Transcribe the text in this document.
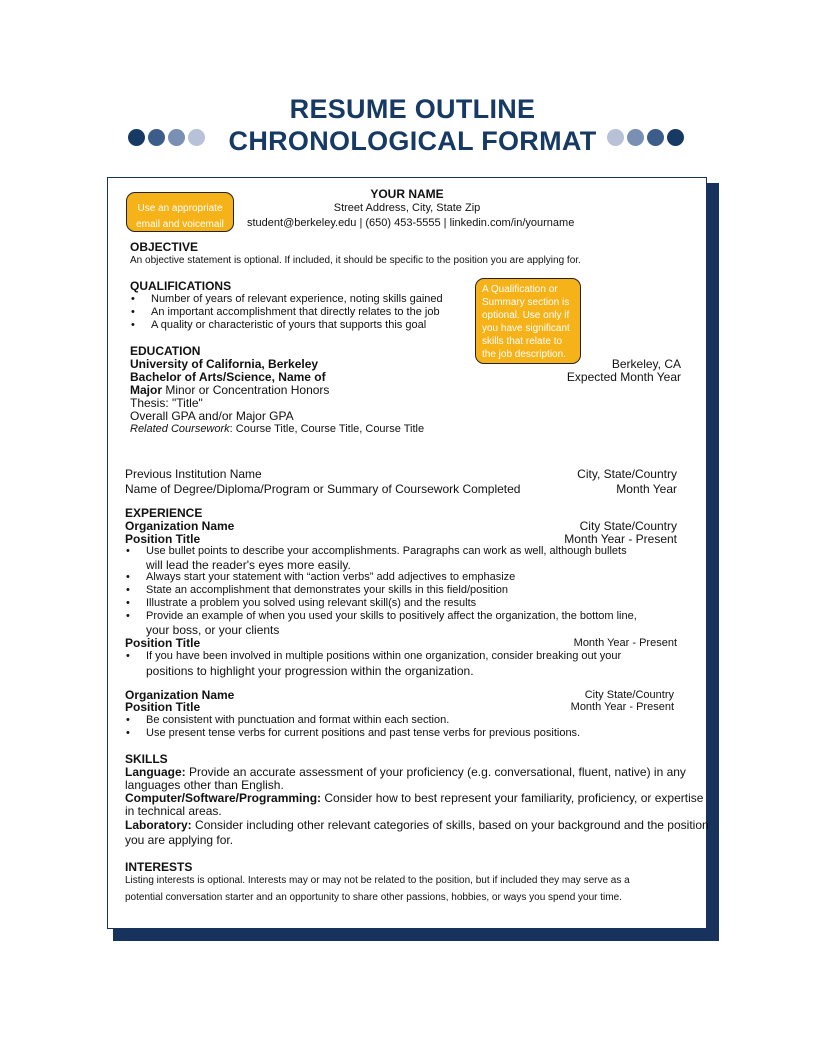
RESUME OUTLINE
CHRONOLOGICAL FORMAT
Use an appropriate email and voicemail
A Qualification or Summary section is optional. Use only if you have significant skills that relate to the job description.
YOUR NAME
Street Address, City, State Zip
student@berkeley.edu | (650) 453-5555 | linkedin.com/in/yourname
OBJECTIVE
An objective statement is optional. If included, it should be specific to the position you are applying for.
QUALIFICATIONS
• Number of years of relevant experience, noting skills gained
• An important accomplishment that directly relates to the job
• A quality or characteristic of yours that supports this goal
EDUCATION
University of California, Berkeley	Berkeley, CA
Bachelor of Arts/Science, Name of	Expected Month Year
Major Minor or Concentration Honors
Thesis: "Title"
Overall GPA and/or Major GPA
Related Coursework: Course Title, Course Title, Course Title
Previous Institution Name	City, State/Country
Name of Degree/Diploma/Program or Summary of Coursework Completed	Month Year
EXPERIENCE
Organization Name	City State/Country
Position Title	Month Year - Present
• Use bullet points to describe your accomplishments. Paragraphs can work as well, although bullets
will lead the reader's eyes more easily.
• Always start your statement with “action verbs” add adjectives to emphasize
• State an accomplishment that demonstrates your skills in this field/position
• Illustrate a problem you solved using relevant skill(s) and the results
• Provide an example of when you used your skills to positively affect the organization, the bottom line,
your boss, or your clients
Position Title	Month Year - Present
• If you have been involved in multiple positions within one organization, consider breaking out your
positions to highlight your progression within the organization.
Organization Name	City State/Country
Position Title	Month Year - Present
• Be consistent with punctuation and format within each section.
• Use present tense verbs for current positions and past tense verbs for previous positions.
SKILLS
Language: Provide an accurate assessment of your proficiency (e.g. conversational, fluent, native) in any
languages other than English.
Computer/Software/Programming: Consider how to best represent your familiarity, proficiency, or expertise
in technical areas.
Laboratory: Consider including other relevant categories of skills, based on your background and the position
you are applying for.
INTERESTS
Listing interests is optional. Interests may or may not be related to the position, but if included they may serve as a
potential conversation starter and an opportunity to share other passions, hobbies, or ways you spend your time.
